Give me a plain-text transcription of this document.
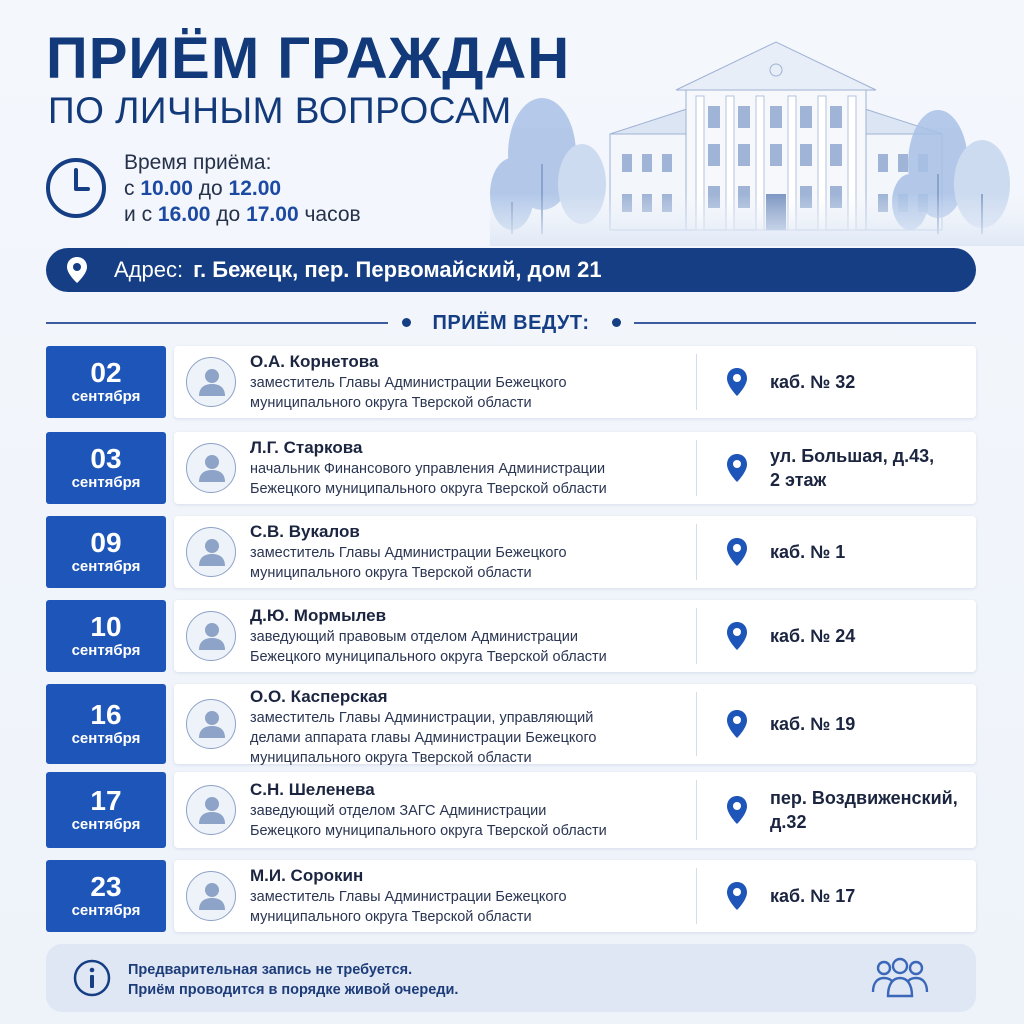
ПРИЁМ ГРАЖДАН
ПО ЛИЧНЫМ ВОПРОСАМ
Время приёма:
с 10.00 до 12.00
и с 16.00 до 17.00 часов
Адрес: г. Бежецк, пер. Первомайский, дом 21
ПРИЁМ ВЕДУТ:
02
сентября
О.А. Корнетова
заместитель Главы Администрации Бежецкого
муниципального округа Тверской области
каб. № 32
03
сентября
Л.Г. Старкова
начальник Финансового управления Администрации
Бежецкого муниципального округа Тверской области
ул. Большая, д.43,
2 этаж
09
сентября
С.В. Вукалов
заместитель Главы Администрации Бежецкого
муниципального округа Тверской области
каб. № 1
10
сентября
Д.Ю. Мормылев
заведующий правовым отделом Администрации
Бежецкого муниципального округа Тверской области
каб. № 24
16
сентября
О.О. Касперская
заместитель Главы Администрации, управляющий
делами аппарата главы Администрации Бежецкого
муниципального округа Тверской области
каб. № 19
17
сентября
С.Н. Шеленева
заведующий отделом ЗАГС Администрации
Бежецкого муниципального округа Тверской области
пер. Воздвиженский,
д.32
23
сентября
М.И. Сорокин
заместитель Главы Администрации Бежецкого
муниципального округа Тверской области
каб. № 17
Предварительная запись не требуется.
Приём проводится в порядке живой очереди.
